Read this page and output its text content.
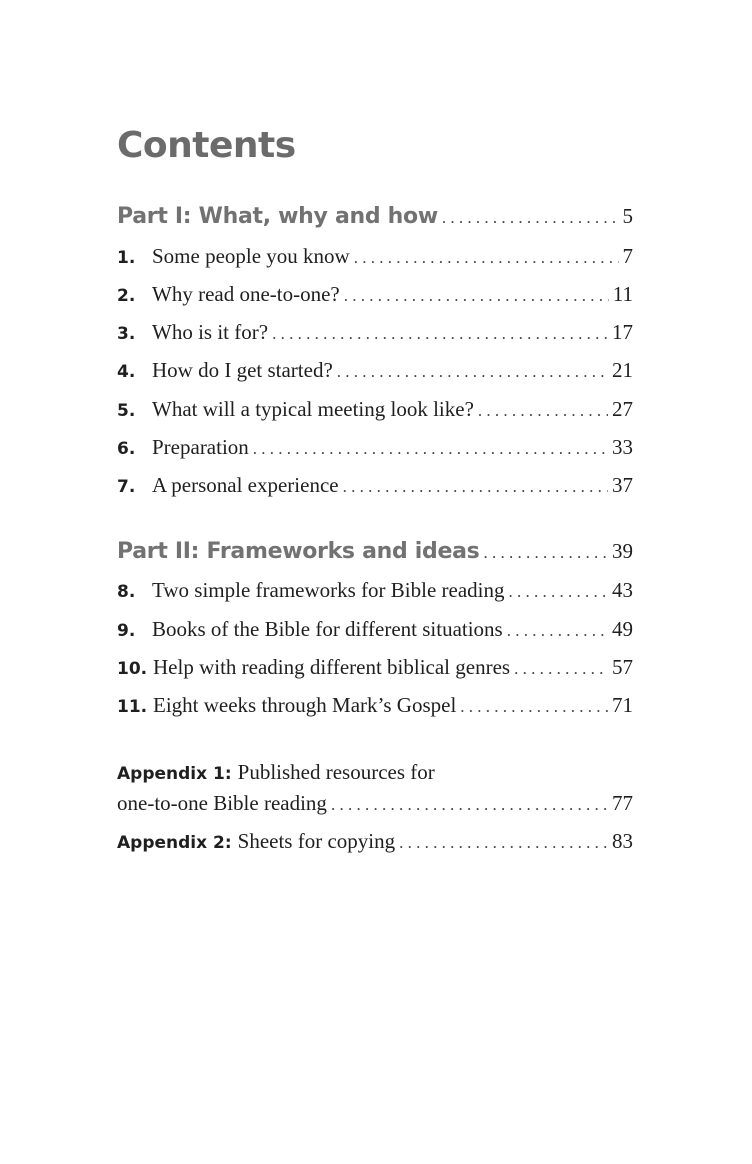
Contents
Part I: What, why and how . . .	5
1. Some people you know . . .	7
2. Why read one-to-one? . . .	11
3. Who is it for? . . .	17
4. How do I get started? . . .	21
5. What will a typical meeting look like? . . .	27
6. Preparation . . .	33
7. A personal experience . . .	37
Part II: Frameworks and ideas . . .	39
8. Two simple frameworks for Bible reading . . .	43
9. Books of the Bible for different situations . . .	49
10. Help with reading different biblical genres . . .	57
11. Eight weeks through Mark’s Gospel . . .	71
Appendix 1: Published resources for
one-to-one Bible reading . . .	77
Appendix 2: Sheets for copying . . .	83
